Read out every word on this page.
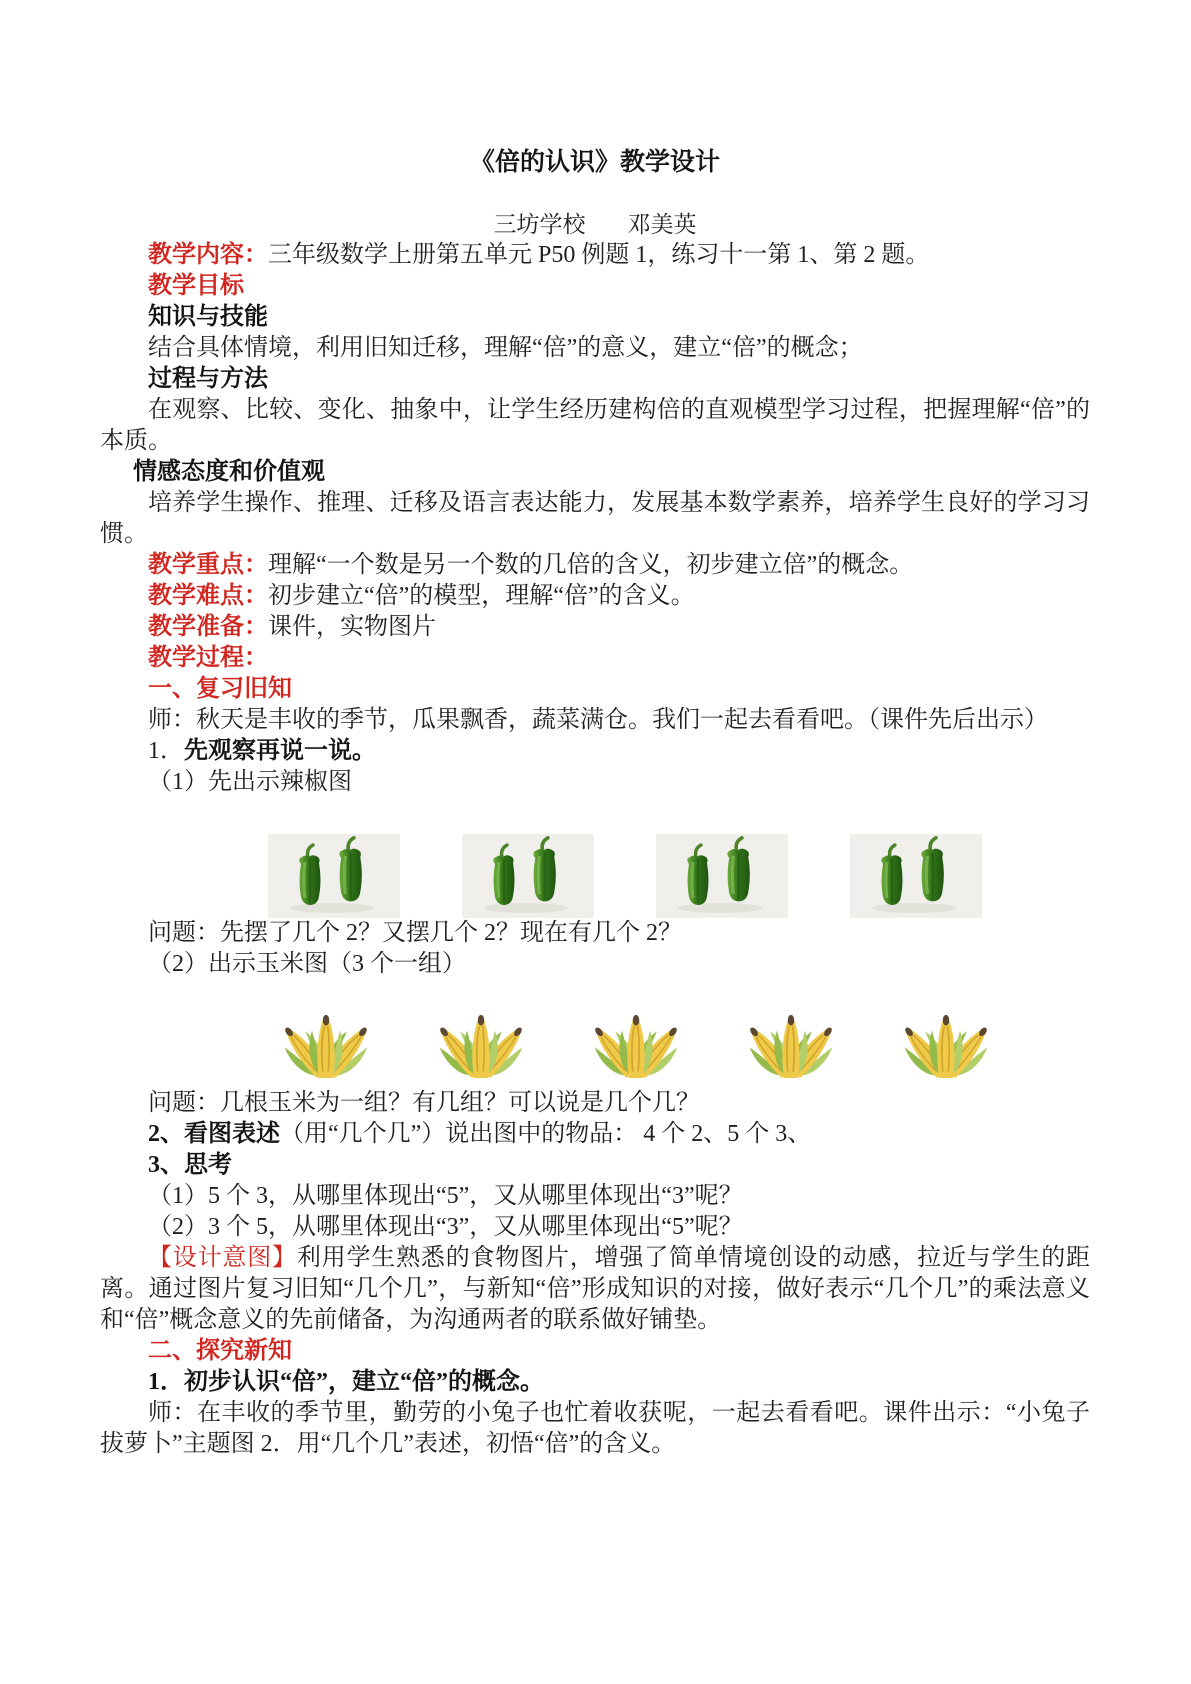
《倍的认识》教学设计

三坊学校 邓美英

教学内容：三年级数学上册第五单元 P50 例题 1，练习十一第 1、第 2 题。

教学目标

知识与技能

结合具体情境，利用旧知迁移，理解“倍”的意义，建立“倍”的概念；

过程与方法

在观察、比较、变化、抽象中，让学生经历建构倍的直观模型学习过程，把握理解“倍”的本质。

情感态度和价值观

培养学生操作、推理、迁移及语言表达能力，发展基本数学素养，培养学生良好的学习习惯。

教学重点：理解“一个数是另一个数的几倍的含义，初步建立倍”的概念。

教学难点：初步建立“倍”的模型，理解“倍”的含义。

教学准备：课件，实物图片

教学过程：

一、复习旧知

师：秋天是丰收的季节，瓜果飘香，蔬菜满仓。我们一起去看看吧。（课件先后出示）

1．先观察再说一说。

（1）先出示辣椒图

问题：先摆了几个 2？又摆几个 2？现在有几个 2？

（2）出示玉米图（3 个一组）

问题：几根玉米为一组？有几组？可以说是几个几？

2、看图表述（用“几个几”）说出图中的物品： 4 个 2、5 个 3、

3、思考

（1）5 个 3，从哪里体现出“5”，又从哪里体现出“3”呢？

（2）3 个 5，从哪里体现出“3”，又从哪里体现出“5”呢？

【设计意图】利用学生熟悉的食物图片，增强了简单情境创设的动感，拉近与学生的距离。通过图片复习旧知“几个几”，与新知“倍”形成知识的对接，做好表示“几个几”的乘法意义和“倍”概念意义的先前储备，为沟通两者的联系做好铺垫。

二、探究新知

1．初步认识“倍”，建立“倍”的概念。

师：在丰收的季节里，勤劳的小兔子也忙着收获呢，一起去看看吧。课件出示：“小兔子拔萝卜”主题图 2．用“几个几”表述，初悟“倍”的含义。
